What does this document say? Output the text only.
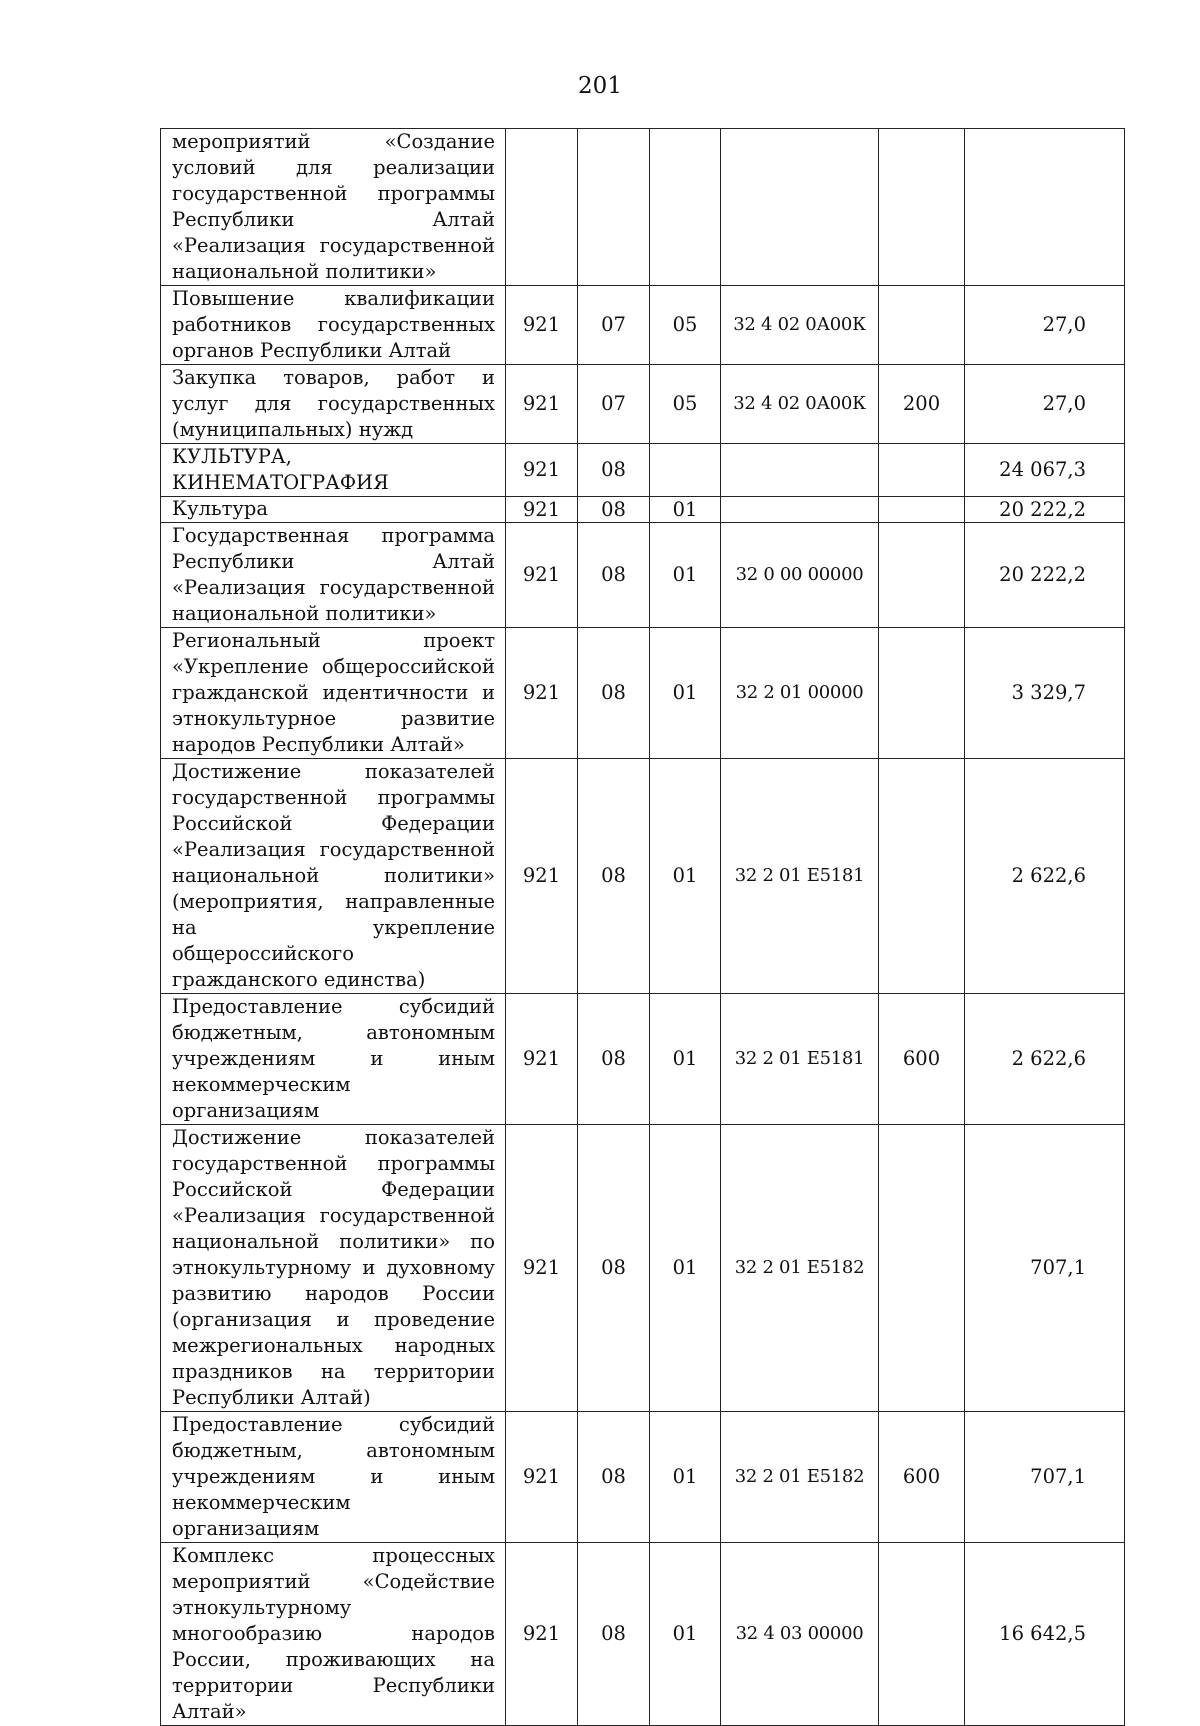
201
мероприятий «Создание условий для реализации государственной программы Республики Алтай «Реализация государственной национальной политики»						
Повышение квалификации работников государственных органов Республики Алтай	921	07	05	32 4 02 0А00К		27,0
Закупка товаров, работ и услуг для государственных (муниципальных) нужд	921	07	05	32 4 02 0А00К	200	27,0
КУЛЬТУРА, КИНЕМАТОГРАФИЯ	921	08				24 067,3
Культура	921	08	01			20 222,2
Государственная программа Республики Алтай «Реализация государственной национальной политики»	921	08	01	32 0 00 00000		20 222,2
Региональный проект «Укрепление общероссийской гражданской идентичности и этнокультурное развитие народов Республики Алтай»	921	08	01	32 2 01 00000		3 329,7
Достижение показателей государственной программы Российской Федерации «Реализация государственной национальной политики» (мероприятия, направленные на укрепление общероссийского гражданского единства)	921	08	01	32 2 01 Е5181		2 622,6
Предоставление субсидий бюджетным, автономным учреждениям и иным некоммерческим организациям	921	08	01	32 2 01 Е5181	600	2 622,6
Достижение показателей государственной программы Российской Федерации «Реализация государственной национальной политики» по этнокультурному и духовному развитию народов России (организация и проведение межрегиональных народных праздников на территории Республики Алтай)	921	08	01	32 2 01 Е5182		707,1
Предоставление субсидий бюджетным, автономным учреждениям и иным некоммерческим организациям	921	08	01	32 2 01 Е5182	600	707,1
Комплекс процессных мероприятий «Содействие этнокультурному многообразию народов России, проживающих на территории Республики Алтай»	921	08	01	32 4 03 00000		16 642,5
